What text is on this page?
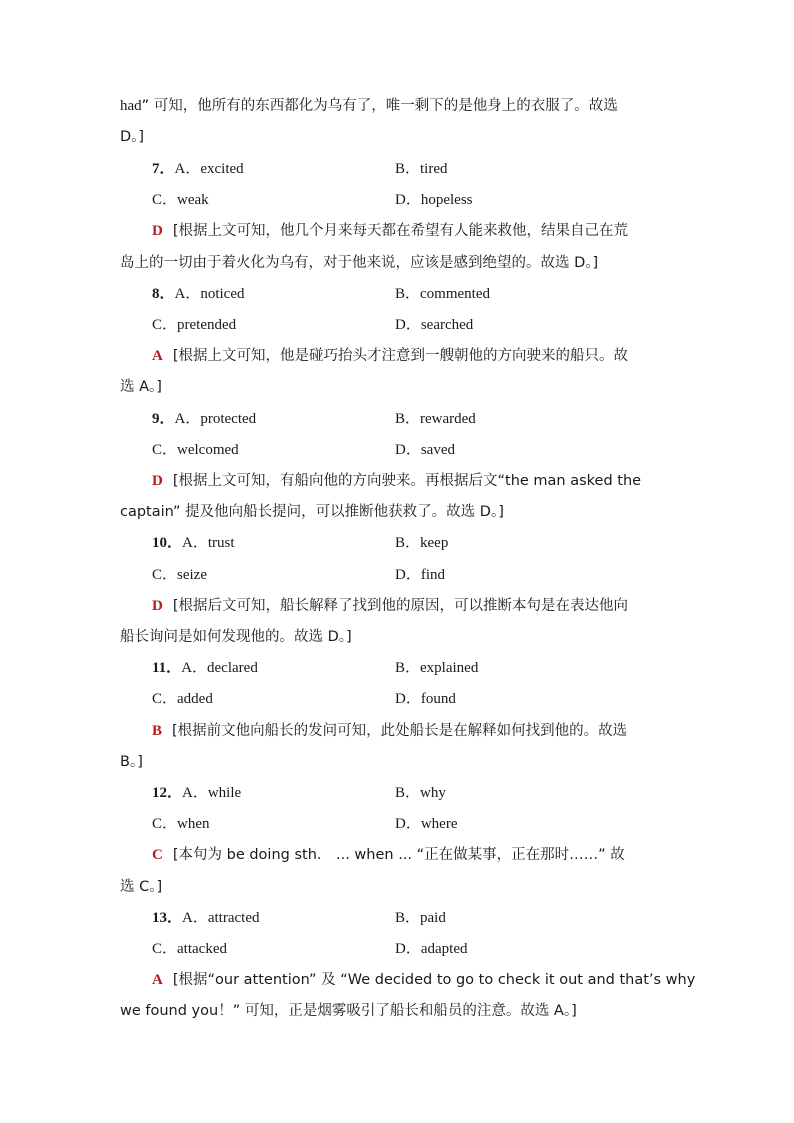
had” 可知，他所有的东西都化为乌有了，唯一剩下的是他身上的衣服了。故选
D。]
7．A．excited	B．tired
C．weak	D．hopeless
D [根据上文可知，他几个月来每天都在希望有人能来救他，结果自己在荒
岛上的一切由于着火化为乌有，对于他来说，应该是感到绝望的。故选 D。]
8．A．noticed	B．commented
C．pretended	D．searched
A [根据上文可知，他是碰巧抬头才注意到一艘朝他的方向驶来的船只。故
选 A。]
9．A．protected	B．rewarded
C．welcomed	D．saved
D [根据上文可知，有船向他的方向驶来。再根据后文“the man asked the
captain” 提及他向船长提问，可以推断他获救了。故选 D。]
10．A．trust	B．keep
C．seize	D．find
D [根据后文可知，船长解释了找到他的原因，可以推断本句是在表达他向
船长询问是如何发现他的。故选 D。]
11．A．declared	B．explained
C．added	D．found
B [根据前文他向船长的发问可知，此处船长是在解释如何找到他的。故选
B。]
12．A．while	B．why
C．when	D．where
C [本句为 be doing sth． ... when ... “正在做某事，正在那时……” 故
选 C。]
13．A．attracted	B．paid
C．attacked	D．adapted
A [根据“our attention” 及 “We decided to go to check it out and that’s why
we found you！” 可知，正是烟雾吸引了船长和船员的注意。故选 A。]
